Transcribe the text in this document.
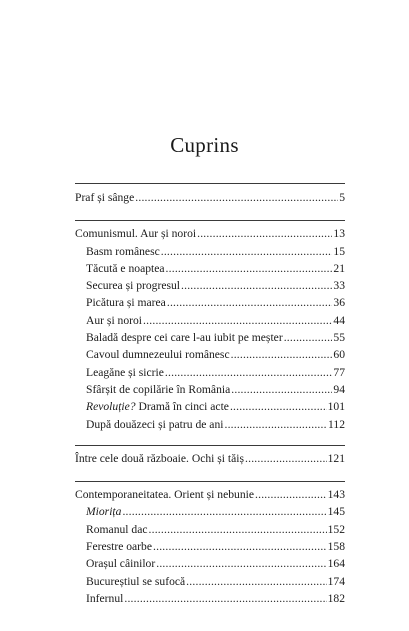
Cuprins
Praf și sânge .....	5
Comunismul. Aur și noroi .....	13
Basm românesc .....	15
Tăcută e noaptea .....	21
Securea și progresul .....	33
Picătura și marea .....	36
Aur și noroi .....	44
Baladă despre cei care l-au iubit pe meșter .....	55
Cavoul dumnezeului românesc .....	60
Leagăne și sicrie .....	77
Sfârșit de copilărie în România .....	94
Revoluție? Dramă în cinci acte .....	101
După douăzeci și patru de ani .....	112
Între cele două războaie. Ochi și tăiș .....	121
Contemporaneitatea. Orient și nebunie .....	143
Miorița .....	145
Romanul dac .....	152
Ferestre oarbe .....	158
Orașul câinilor .....	164
Bucureștiul se sufocă .....	174
Infernul .....	182
